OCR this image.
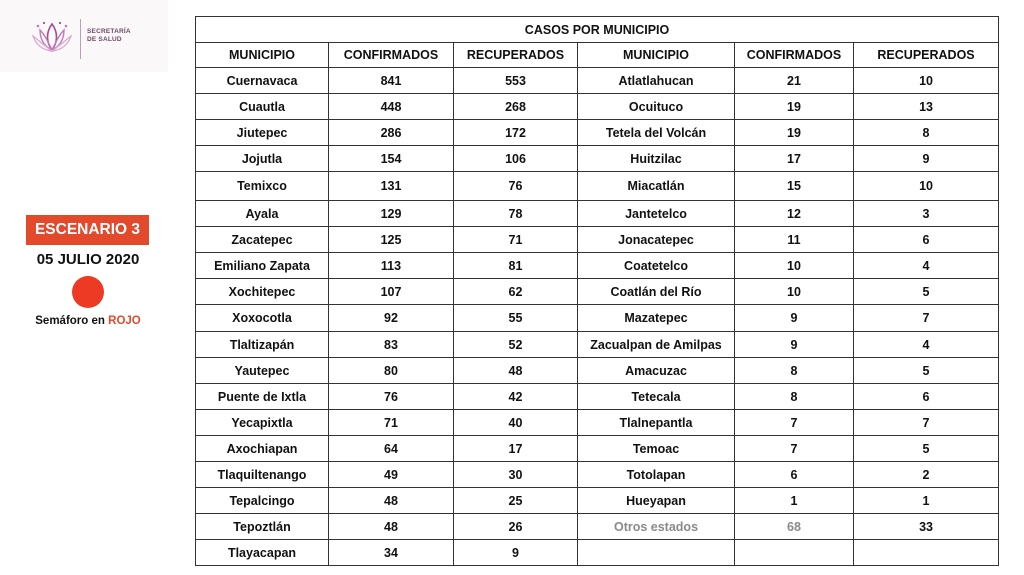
SECRETARÍA
DE SALUD
ESCENARIO 3
05 JULIO 2020
Semáforo en ROJO
CASOS POR MUNICIPIO					
MUNICIPIO	CONFIRMADOS	RECUPERADOS	MUNICIPIO	CONFIRMADOS	RECUPERADOS
Cuernavaca	841	553	Atlatlahucan	21	10
Cuautla	448	268	Ocuituco	19	13
Jiutepec	286	172	Tetela del Volcán	19	8
Jojutla	154	106	Huitzilac	17	9
Temixco	131	76	Miacatlán	15	10
Ayala	129	78	Jantetelco	12	3
Zacatepec	125	71	Jonacatepec	11	6
Emiliano Zapata	113	81	Coatetelco	10	4
Xochitepec	107	62	Coatlán del Río	10	5
Xoxocotla	92	55	Mazatepec	9	7
Tlaltizapán	83	52	Zacualpan de Amilpas	9	4
Yautepec	80	48	Amacuzac	8	5
Puente de Ixtla	76	42	Tetecala	8	6
Yecapixtla	71	40	Tlalnepantla	7	7
Axochiapan	64	17	Temoac	7	5
Tlaquiltenango	49	30	Totolapan	6	2
Tepalcingo	48	25	Hueyapan	1	1
Tepoztlán	48	26	Otros estados	68	33
Tlayacapan	34	9			
